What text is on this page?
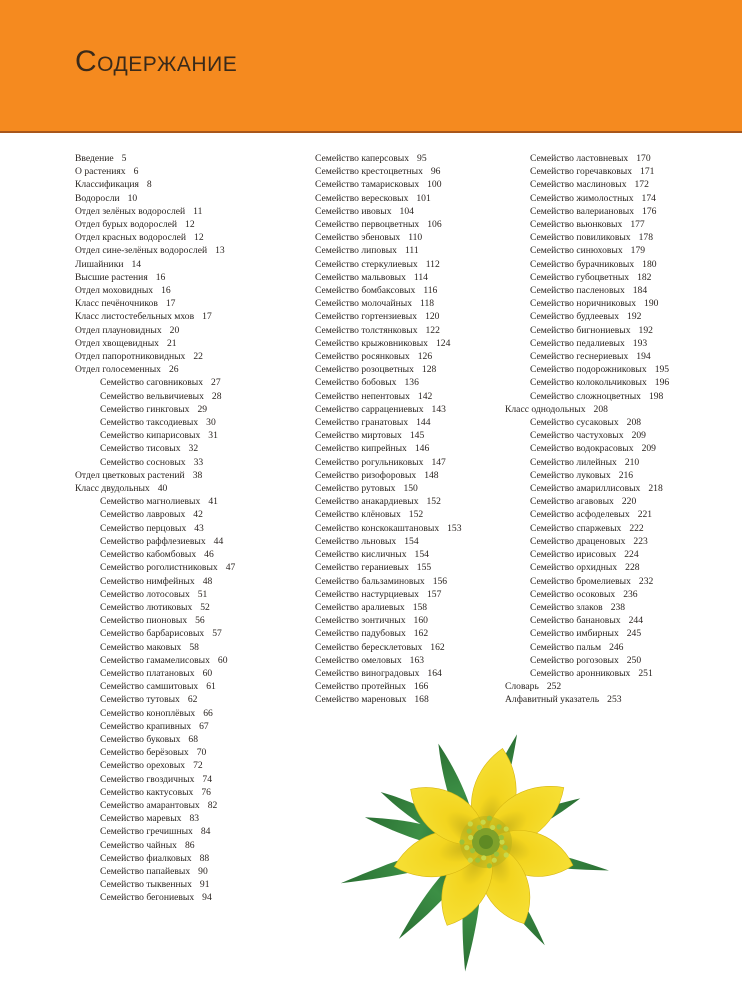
Содержание
Введение 5
О растениях 6
Классификация 8
Водоросли 10
Отдел зелёных водорослей 11
Отдел бурых водорослей 12
Отдел красных водорослей 12
Отдел сине-зелёных водорослей 13
Лишайники 14
Высшие растения 16
Отдел моховидных 16
Класс печёночников 17
Класс листостебельных мхов 17
Отдел плауновидных 20
Отдел хвощевидных 21
Отдел папоротниковидных 22
Отдел голосеменных 26
Семейство саговниковых 27
Семейство вельвичиевых 28
Семейство гинкговых 29
Семейство таксодиевых 30
Семейство кипарисовых 31
Семейство тисовых 32
Семейство сосновых 33
Отдел цветковых растений 38
Класс двудольных 40
Семейство магнолиевых 41
Семейство лавровых 42
Семейство перцовых 43
Семейство раффлезиевых 44
Семейство кабомбовых 46
Семейство роголистниковых 47
Семейство нимфейных 48
Семейство лотосовых 51
Семейство лютиковых 52
Семейство пионовых 56
Семейство барбарисовых 57
Семейство маковых 58
Семейство гамамелисовых 60
Семейство платановых 60
Семейство самшитовых 61
Семейство тутовых 62
Семейство коноплёвых 66
Семейство крапивных 67
Семейство буковых 68
Семейство берёзовых 70
Семейство ореховых 72
Семейство гвоздичных 74
Семейство кактусовых 76
Семейство амарантовых 82
Семейство маревых 83
Семейство гречишных 84
Семейство чайных 86
Семейство фиалковых 88
Семейство папайевых 90
Семейство тыквенных 91
Семейство бегониевых 94
Семейство каперсовых 95
Семейство крестоцветных 96
Семейство тамарисковых 100
Семейство вересковых 101
Семейство ивовых 104
Семейство первоцветных 106
Семейство эбеновых 110
Семейство липовых 111
Семейство стеркулиевых 112
Семейство мальвовых 114
Семейство бомбаксовых 116
Семейство молочайных 118
Семейство гортензиевых 120
Семейство толстянковых 122
Семейство крыжовниковых 124
Семейство росянковых 126
Семейство розоцветных 128
Семейство бобовых 136
Семейство непентовых 142
Семейство саррацениевых 143
Семейство гранатовых 144
Семейство миртовых 145
Семейство кипрейных 146
Семейство рогульниковых 147
Семейство ризофоровых 148
Семейство рутовых 150
Семейство анакардиевых 152
Семейство клёновых 152
Семейство конскокаштановых 153
Семейство льновых 154
Семейство кисличных 154
Семейство гераниевых 155
Семейство бальзаминовых 156
Семейство настурциевых 157
Семейство аралиевых 158
Семейство зонтичных 160
Семейство падубовых 162
Семейство бересклетовых 162
Семейство омеловых 163
Семейство виноградовых 164
Семейство протейных 166
Семейство мареновых 168
Семейство ластовневых 170
Семейство горечавковых 171
Семейство маслиновых 172
Семейство жимолостных 174
Семейство валериановых 176
Семейство вьюнковых 177
Семейство повиликовых 178
Семейство синюховых 179
Семейство бурачниковых 180
Семейство губоцветных 182
Семейство пасленовых 184
Семейство норичниковых 190
Семейство будлеевых 192
Семейство бигнониевых 192
Семейство педалиевых 193
Семейство геснериевых 194
Семейство подорожниковых 195
Семейство колокольчиковых 196
Семейство сложноцветных 198
Класс однодольных 208
Семейство сусаковых 208
Семейство частуховых 209
Семейство водокрасовых 209
Семейство лилейных 210
Семейство луковых 216
Семейство амариллисовых 218
Семейство агавовых 220
Семейство асфоделевых 221
Семейство спаржевых 222
Семейство драценовых 223
Семейство ирисовых 224
Семейство орхидных 228
Семейство бромелиевых 232
Семейство осоковых 236
Семейство злаков 238
Семейство банановых 244
Семейство имбирных 245
Семейство пальм 246
Семейство рогозовых 250
Семейство аронниковых 251
Словарь 252
Алфавитный указатель 253
